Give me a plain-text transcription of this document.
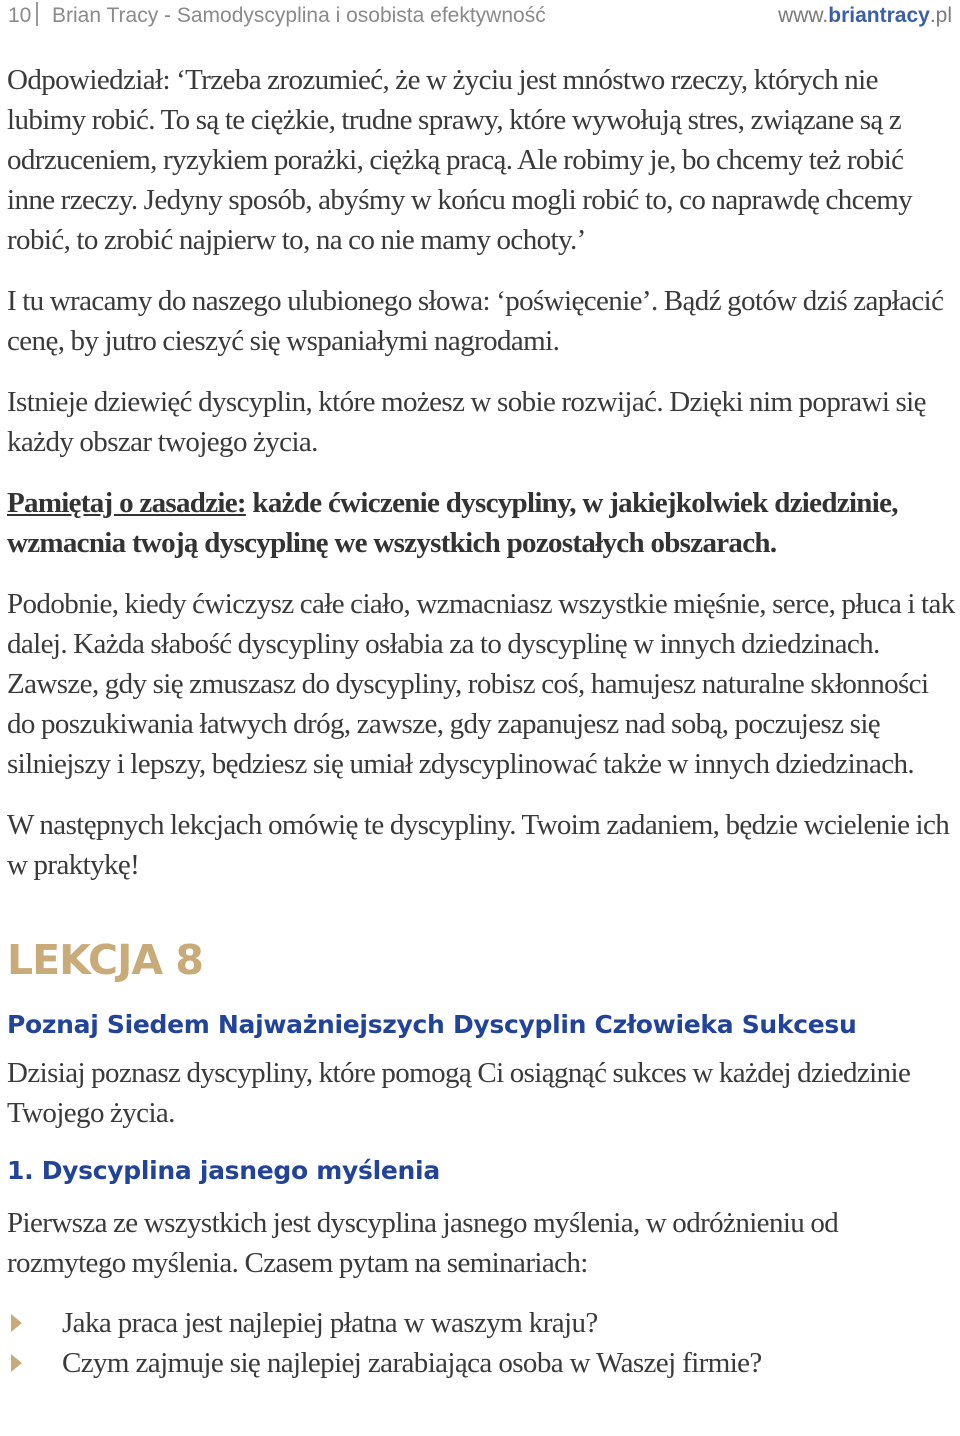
10 Brian Tracy - Samodyscyplina i osobista efektywność	www.briantracy.pl

Odpowiedział: ‘Trzeba zrozumieć, że w życiu jest mnóstwo rzeczy, których nie lubimy robić. To są te ciężkie, trudne sprawy, które wywołują stres, związane są z odrzuceniem, ryzykiem porażki, ciężką pracą. Ale robimy je, bo chcemy też robić inne rzeczy. Jedyny sposób, abyśmy w końcu mogli robić to, co naprawdę chcemy robić, to zrobić najpierw to, na co nie mamy ochoty.’

I tu wracamy do naszego ulubionego słowa: ‘poświęcenie’. Bądź gotów dziś zapłacić cenę, by jutro cieszyć się wspaniałymi nagrodami.

Istnieje dziewięć dyscyplin, które możesz w sobie rozwijać. Dzięki nim poprawi się każdy obszar twojego życia.

Pamiętaj o zasadzie: każde ćwiczenie dyscypliny, w jakiejkolwiek dziedzinie, wzmacnia twoją dyscyplinę we wszystkich pozostałych obszarach.

Podobnie, kiedy ćwiczysz całe ciało, wzmacniasz wszystkie mięśnie, serce, płuca i tak dalej. Każda słabość dyscypliny osłabia za to dyscyplinę w innych dziedzinach. Zawsze, gdy się zmuszasz do dyscypliny, robisz coś, hamujesz naturalne skłonności do poszukiwania łatwych dróg, zawsze, gdy zapanujesz nad sobą, poczujesz się silniejszy i lepszy, będziesz się umiał zdyscyplinować także w innych dziedzinach.

W następnych lekcjach omówię te dyscypliny. Twoim zadaniem, będzie wcielenie ich w praktykę!

LEKCJA 8
Poznaj Siedem Najważniejszych Dyscyplin Człowieka Sukcesu

Dzisiaj poznasz dyscypliny, które pomogą Ci osiągnąć sukces w każdej dziedzinie Twojego życia.

1. Dyscyplina jasnego myślenia

Pierwsza ze wszystkich jest dyscyplina jasnego myślenia, w odróżnieniu od rozmytego myślenia. Czasem pytam na seminariach:

Jaka praca jest najlepiej płatna w waszym kraju?
Czym zajmuje się najlepiej zarabiająca osoba w Waszej firmie?
